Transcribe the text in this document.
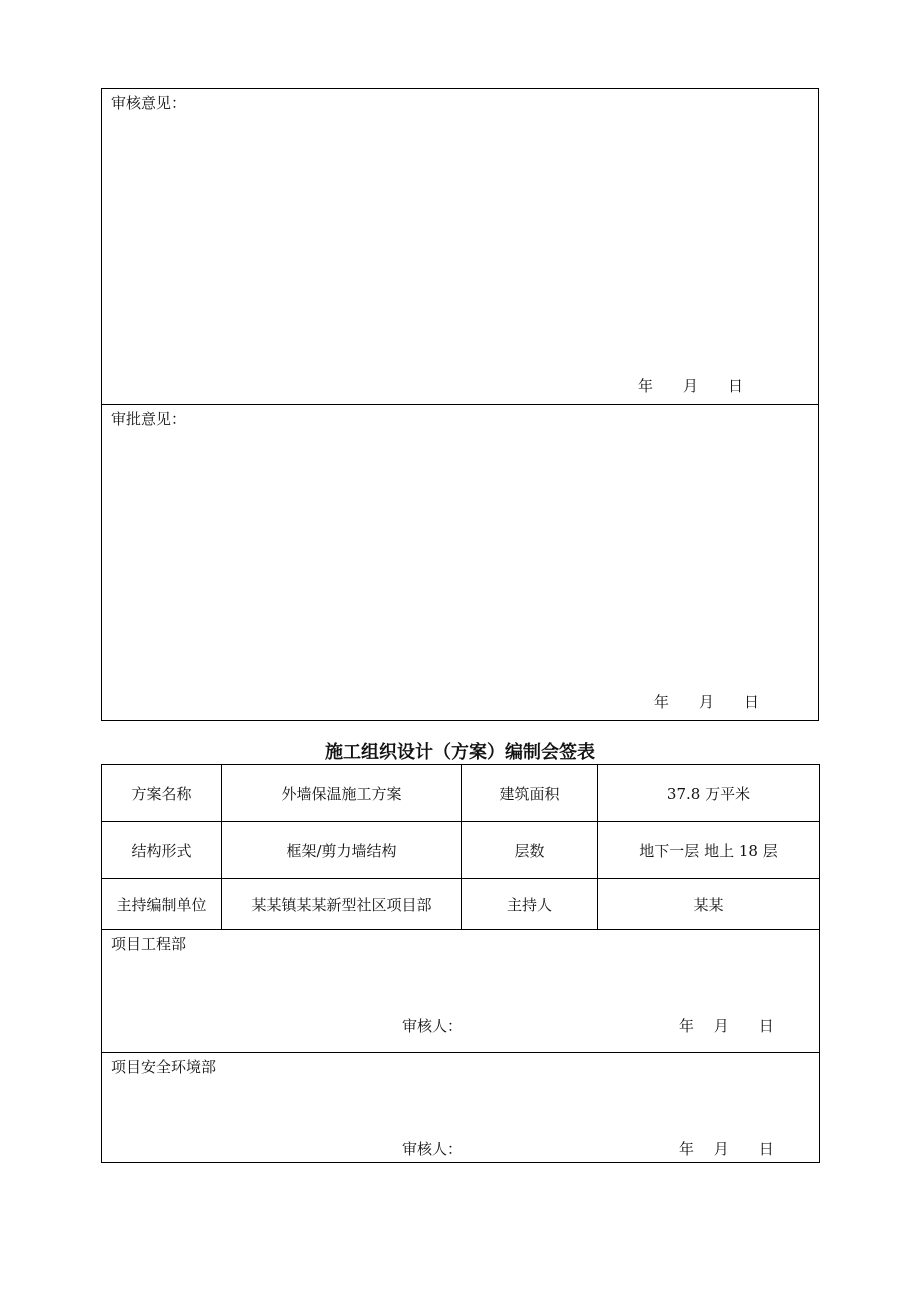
审核意见：
年　　月　　日
审批意见：
年　　月　　日
施工组织设计（方案）编制会签表
方案名称	外墙保温施工方案	建筑面积	37.8 万平米
结构形式	框架/剪力墙结构	层数	地下一层 地上 18 层
主持编制单位	某某镇某某新型社区项目部	主持人	某某

项目工程部
审核人： 年　 月　　日			

项目安全环境部
审核人： 年　 月　　日			
